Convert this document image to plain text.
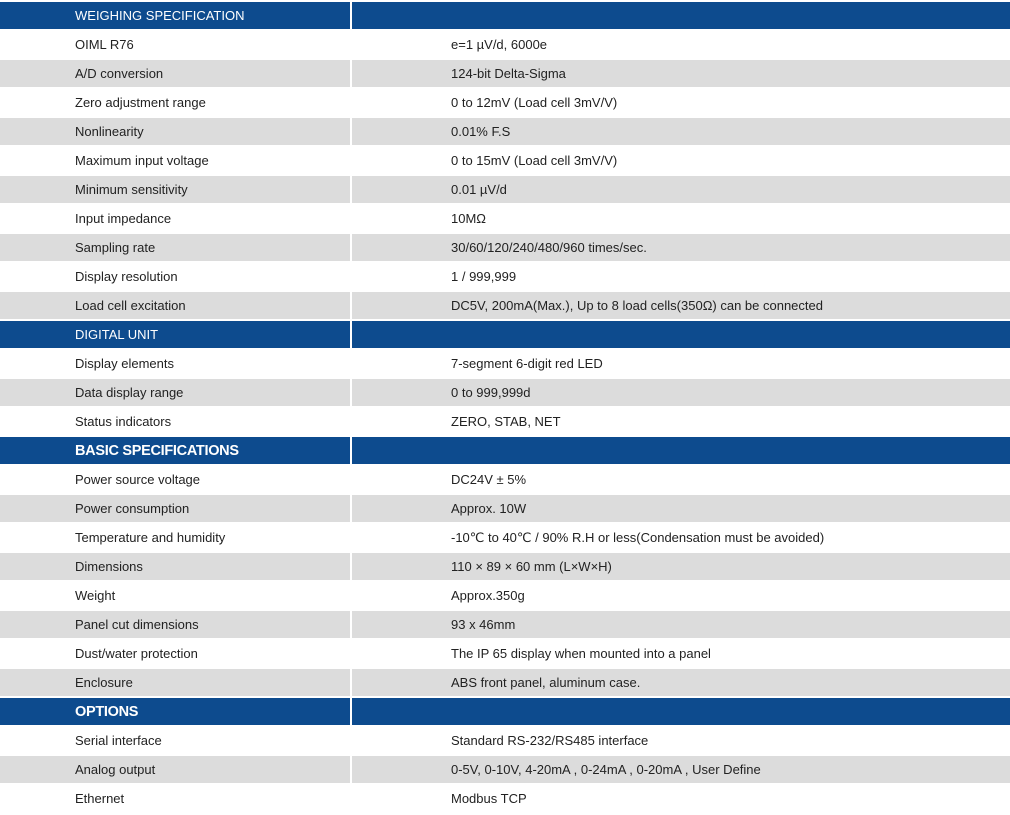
WEIGHING SPECIFICATION
OIML R76	e=1 µV/d, 6000e
A/D conversion	124-bit Delta-Sigma
Zero adjustment range	0 to 12mV (Load cell 3mV/V)
Nonlinearity	0.01% F.S
Maximum input voltage	0 to 15mV (Load cell 3mV/V)
Minimum sensitivity	0.01 µV/d
Input impedance	10MΩ
Sampling rate	30/60/120/240/480/960 times/sec.
Display resolution	1 / 999,999
Load cell excitation	DC5V, 200mA(Max.), Up to 8 load cells(350Ω) can be connected
DIGITAL UNIT
Display elements	7-segment 6-digit red LED
Data display range	0 to 999,999d
Status indicators	ZERO, STAB, NET
BASIC SPECIFICATIONS
Power source voltage	DC24V ± 5%
Power consumption	Approx. 10W
Temperature and humidity	-10℃ to 40℃ / 90% R.H or less(Condensation must be avoided)
Dimensions	110 × 89 × 60 mm (L×W×H)
Weight	Approx.350g
Panel cut dimensions	93 x 46mm
Dust/water protection	The IP 65 display when mounted into a panel
Enclosure	ABS front panel, aluminum case.
OPTIONS
Serial interface	Standard RS-232/RS485 interface
Analog output	0-5V, 0-10V, 4-20mA , 0-24mA , 0-20mA , User Define
Ethernet	Modbus TCP
